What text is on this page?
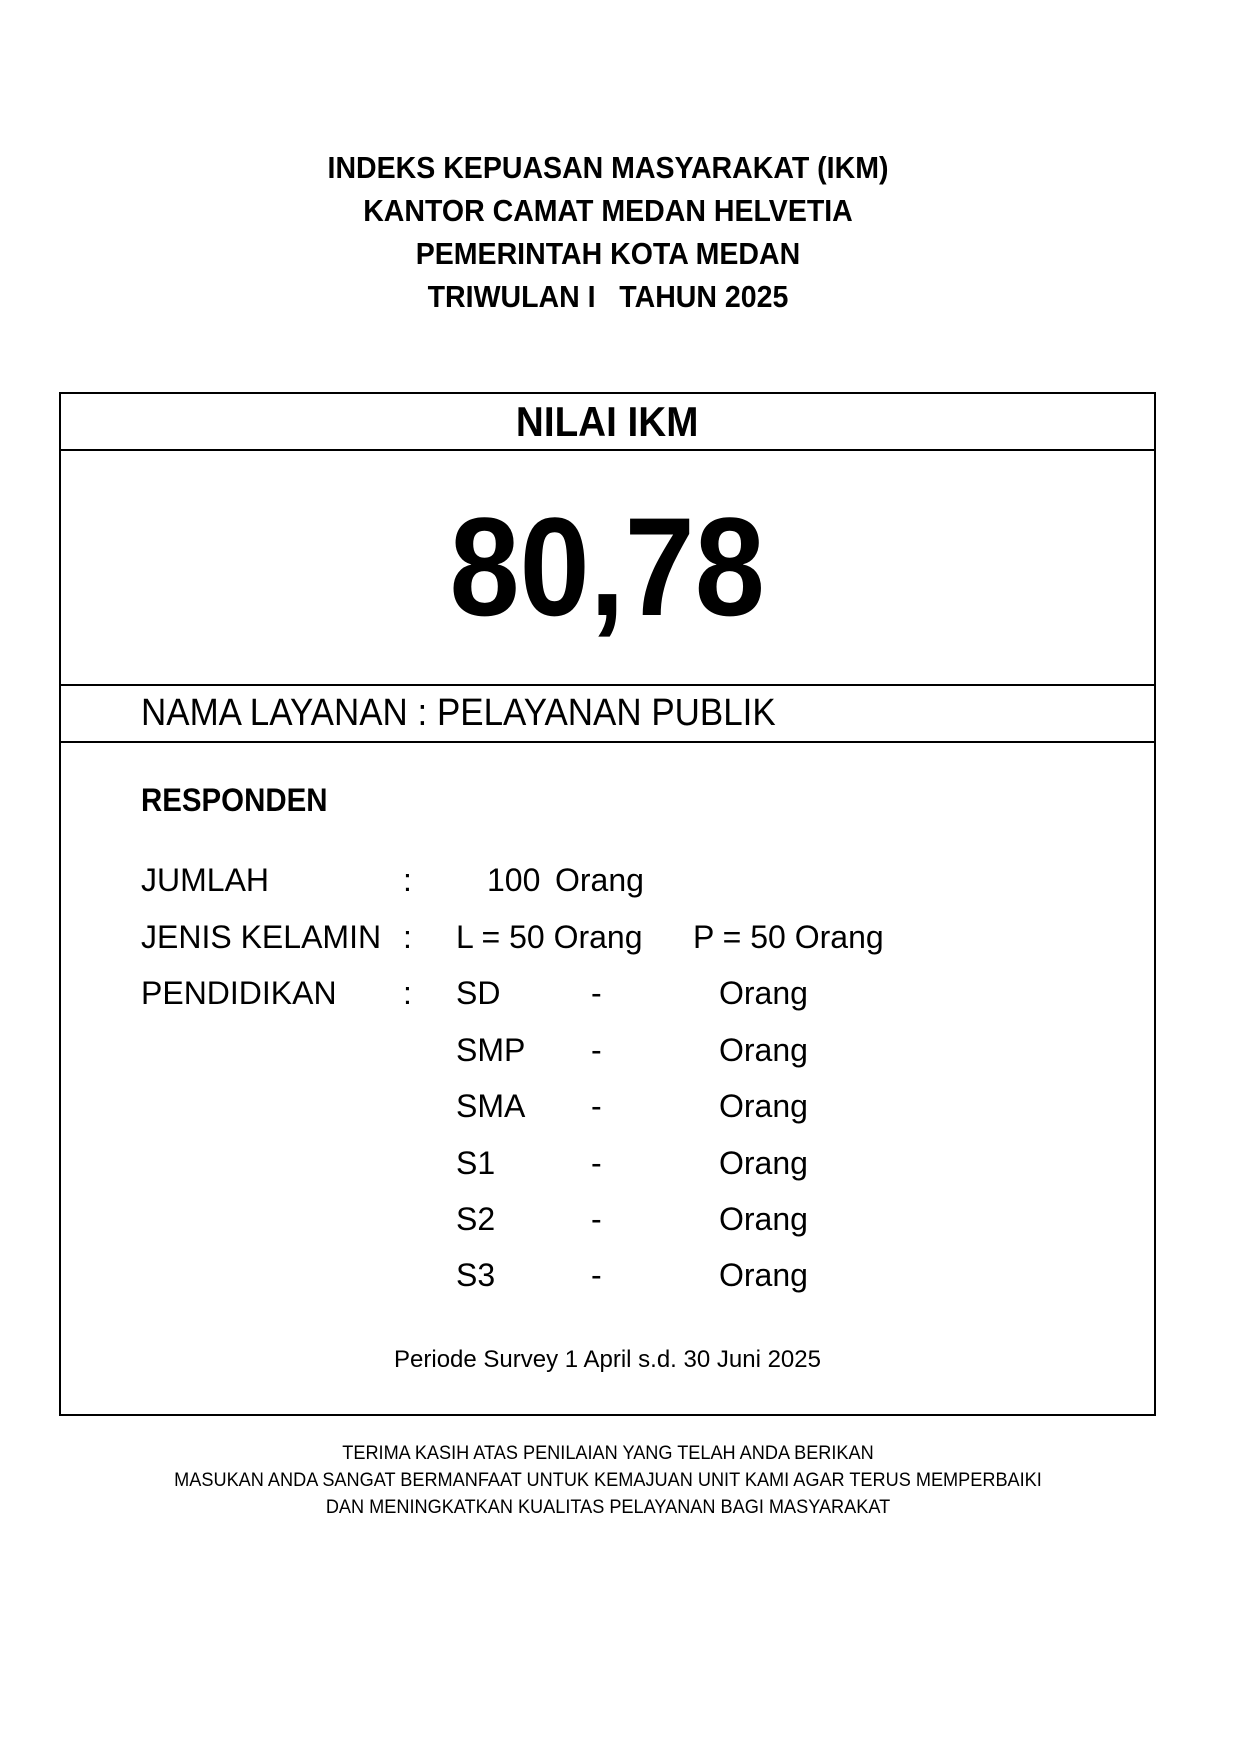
INDEKS KEPUASAN MASYARAKAT (IKM)
KANTOR CAMAT MEDAN HELVETIA
PEMERINTAH KOTA MEDAN
TRIWULAN I   TAHUN 2025
NILAI IKM
80,78
NAMA LAYANAN : PELAYANAN PUBLIK
RESPONDEN
JUMLAH	: 100 Orang
JENIS KELAMIN : L = 50 Orang P = 50 Orang
PENDIDIKAN : SD	-	Orang
SMP -	Orang
SMA -	Orang
S1	-	Orang
S2	-	Orang
S3	-	Orang
Periode Survey 1 April s.d. 30 Juni 2025
TERIMA KASIH ATAS PENILAIAN YANG TELAH ANDA BERIKAN
MASUKAN ANDA SANGAT BERMANFAAT UNTUK KEMAJUAN UNIT KAMI AGAR TERUS MEMPERBAIKI
DAN MENINGKATKAN KUALITAS PELAYANAN BAGI MASYARAKAT
